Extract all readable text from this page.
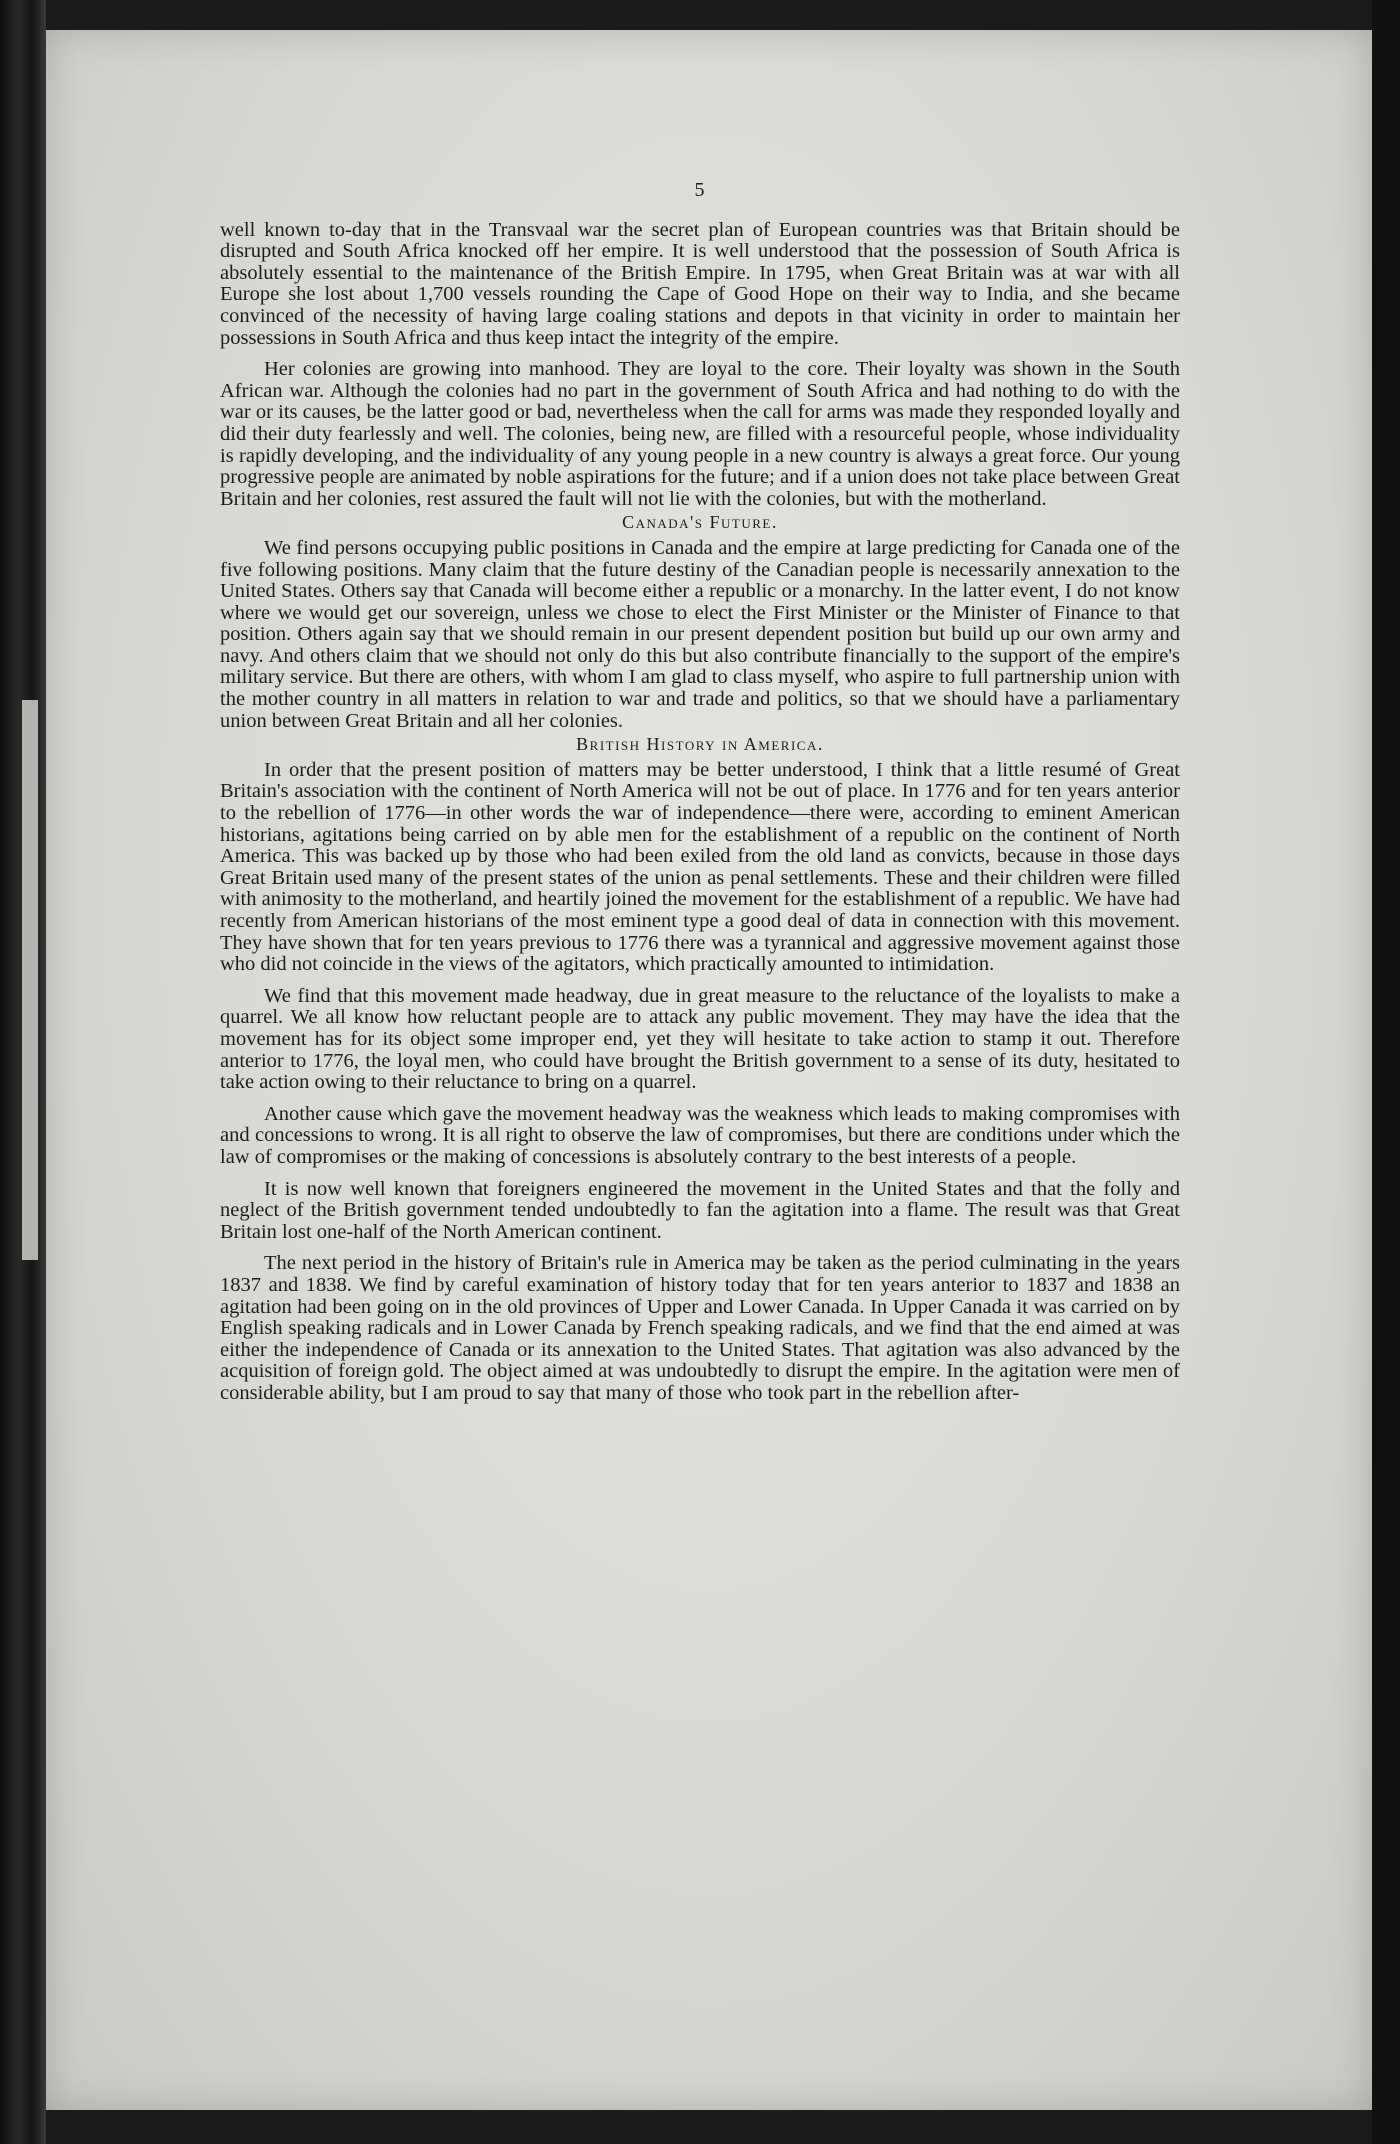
5

well known to-day that in the Transvaal war the secret plan of European countries was that Britain should be disrupted and South Africa knocked off her empire. It is well understood that the possession of South Africa is absolutely essential to the maintenance of the British Empire. In 1795, when Great Britain was at war with all Europe she lost about 1,700 vessels rounding the Cape of Good Hope on their way to India, and she became convinced of the necessity of having large coaling stations and depots in that vicinity in order to maintain her possessions in South Africa and thus keep intact the integrity of the empire.

Her colonies are growing into manhood. They are loyal to the core. Their loyalty was shown in the South African war. Although the colonies had no part in the government of South Africa and had nothing to do with the war or its causes, be the latter good or bad, nevertheless when the call for arms was made they responded loyally and did their duty fearlessly and well. The colonies, being new, are filled with a resourceful people, whose individuality is rapidly developing, and the individuality of any young people in a new country is always a great force. Our young progressive people are animated by noble aspirations for the future; and if a union does not take place between Great Britain and her colonies, rest assured the fault will not lie with the colonies, but with the motherland.

Canada's Future.

We find persons occupying public positions in Canada and the empire at large predicting for Canada one of the five following positions. Many claim that the future destiny of the Canadian people is necessarily annexation to the United States. Others say that Canada will become either a republic or a monarchy. In the latter event, I do not know where we would get our sovereign, unless we chose to elect the First Minister or the Minister of Finance to that position. Others again say that we should remain in our present dependent position but build up our own army and navy. And others claim that we should not only do this but also contribute financially to the support of the empire's military service. But there are others, with whom I am glad to class myself, who aspire to full partnership union with the mother country in all matters in relation to war and trade and politics, so that we should have a parliamentary union between Great Britain and all her colonies.

British History in America.

In order that the present position of matters may be better understood, I think that a little resumé of Great Britain's association with the continent of North America will not be out of place. In 1776 and for ten years anterior to the rebellion of 1776—in other words the war of independence—there were, according to eminent American historians, agitations being carried on by able men for the establishment of a republic on the continent of North America. This was backed up by those who had been exiled from the old land as convicts, because in those days Great Britain used many of the present states of the union as penal settlements. These and their children were filled with animosity to the motherland, and heartily joined the movement for the establishment of a republic. We have had recently from American historians of the most eminent type a good deal of data in connection with this movement. They have shown that for ten years previous to 1776 there was a tyrannical and aggressive movement against those who did not coincide in the views of the agitators, which practically amounted to intimidation.

We find that this movement made headway, due in great measure to the reluctance of the loyalists to make a quarrel. We all know how reluctant people are to attack any public movement. They may have the idea that the movement has for its object some improper end, yet they will hesitate to take action to stamp it out. Therefore anterior to 1776, the loyal men, who could have brought the British government to a sense of its duty, hesitated to take action owing to their reluctance to bring on a quarrel.

Another cause which gave the movement headway was the weakness which leads to making compromises with and concessions to wrong. It is all right to observe the law of compromises, but there are conditions under which the law of compromises or the making of concessions is absolutely contrary to the best interests of a people.

It is now well known that foreigners engineered the movement in the United States and that the folly and neglect of the British government tended undoubtedly to fan the agitation into a flame. The result was that Great Britain lost one-half of the North American continent.

The next period in the history of Britain's rule in America may be taken as the period culminating in the years 1837 and 1838. We find by careful examination of history today that for ten years anterior to 1837 and 1838 an agitation had been going on in the old provinces of Upper and Lower Canada. In Upper Canada it was carried on by English speaking radicals and in Lower Canada by French speaking radicals, and we find that the end aimed at was either the independence of Canada or its annexation to the United States. That agitation was also advanced by the acquisition of foreign gold. The object aimed at was undoubtedly to disrupt the empire. In the agitation were men of considerable ability, but I am proud to say that many of those who took part in the rebellion after-
